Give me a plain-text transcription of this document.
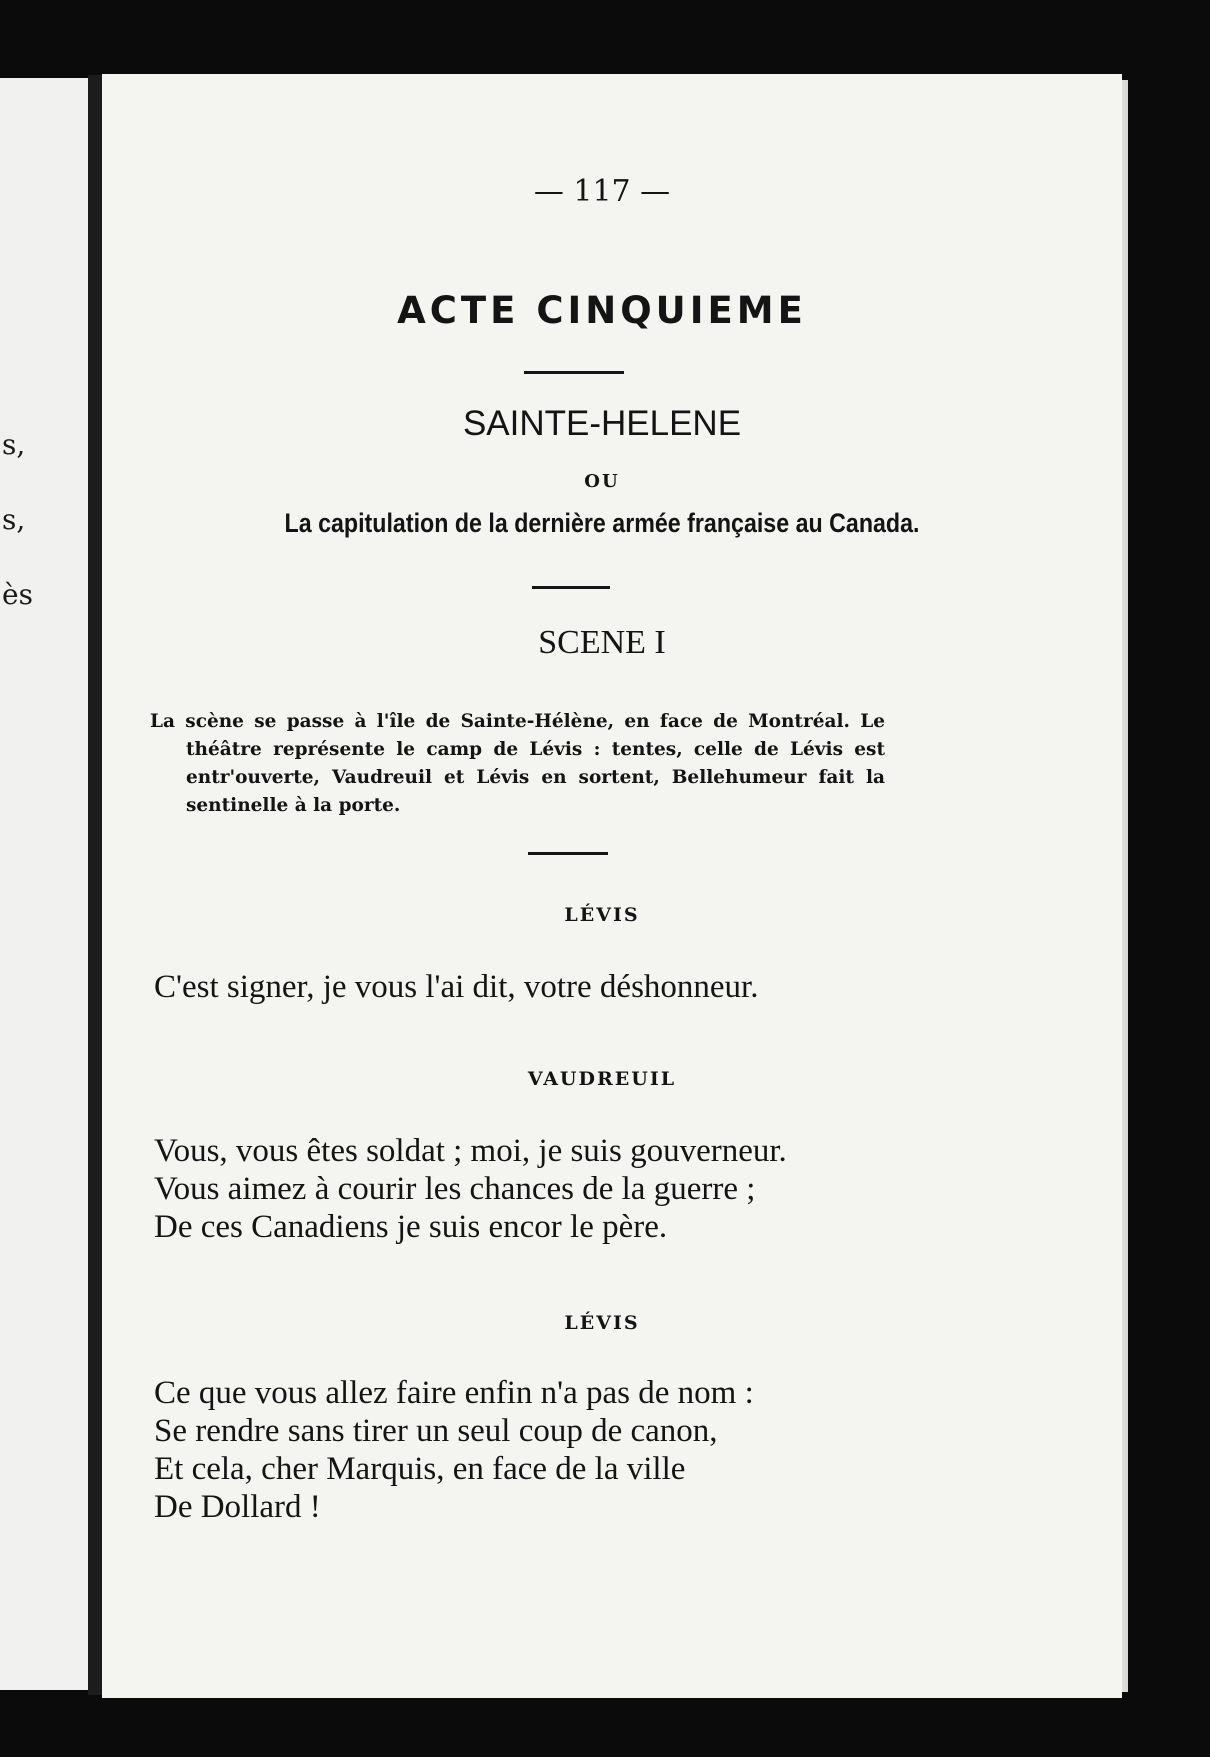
s,
s,
ès
— 117 —
ACTE CINQUIEME
SAINTE-HELENE
OU
La capitulation de la dernière armée française au Canada.
SCENE I
La scène se passe à l'île de Sainte-Hélène, en face de Montréal. Le théâtre représente le camp de Lévis : tentes, celle de Lévis est entr'ouverte, Vaudreuil et Lévis en sortent, Bellehumeur fait la sentinelle à la porte.
LÉVIS
C'est signer, je vous l'ai dit, votre déshonneur.
VAUDREUIL
Vous, vous êtes soldat ; moi, je suis gouverneur.
Vous aimez à courir les chances de la guerre ;
De ces Canadiens je suis encor le père.
LÉVIS
Ce que vous allez faire enfin n'a pas de nom :
Se rendre sans tirer un seul coup de canon,
Et cela, cher Marquis, en face de la ville
De Dollard !
